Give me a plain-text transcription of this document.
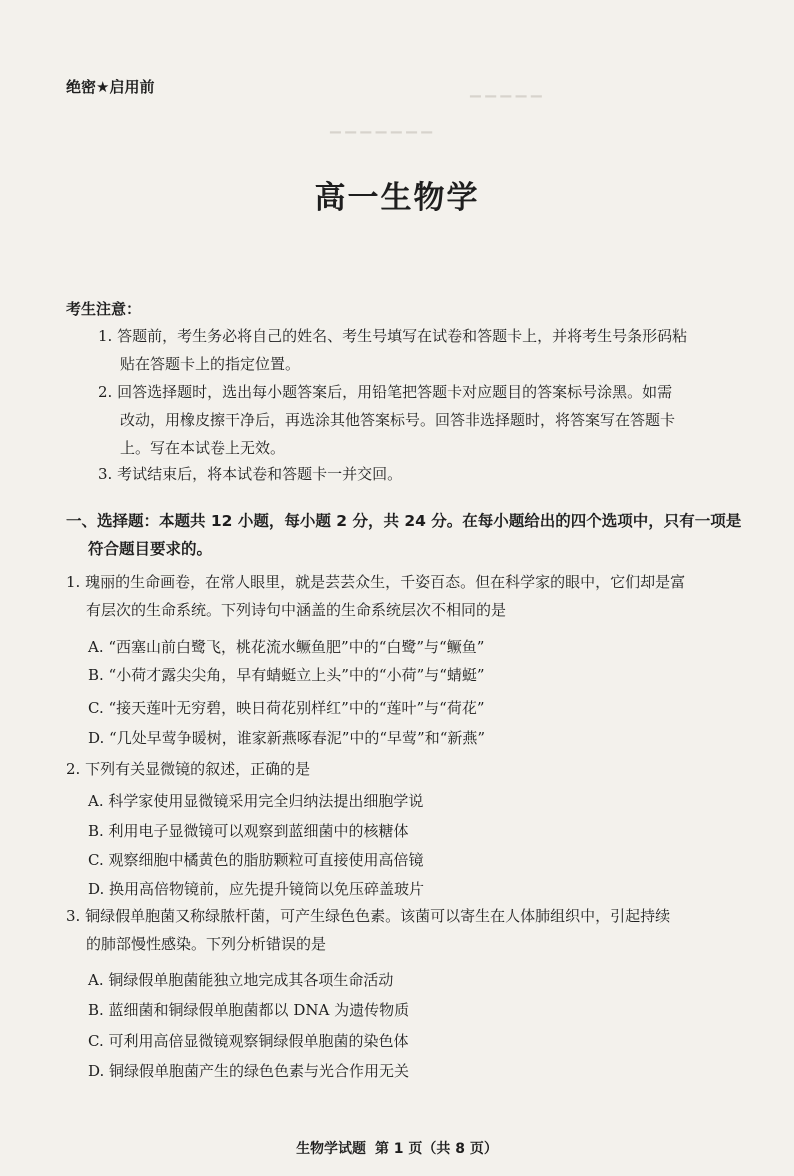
▁ ▁ ▁ ▁ ▁
▁ ▁ ▁ ▁ ▁ ▁ ▁
绝密★启用前
高一生物学
考生注意：
1. 答题前，考生务必将自己的姓名、考生号填写在试卷和答题卡上，并将考生号条形码粘
贴在答题卡上的指定位置。
2. 回答选择题时，选出每小题答案后，用铅笔把答题卡对应题目的答案标号涂黑。如需
改动，用橡皮擦干净后，再选涂其他答案标号。回答非选择题时，将答案写在答题卡
上。写在本试卷上无效。
3. 考试结束后，将本试卷和答题卡一并交回。
一、选择题：本题共 12 小题，每小题 2 分，共 24 分。在每小题给出的四个选项中，只有一项是
符合题目要求的。
1. 瑰丽的生命画卷，在常人眼里，就是芸芸众生，千姿百态。但在科学家的眼中，它们却是富
有层次的生命系统。下列诗句中涵盖的生命系统层次不相同的是
A. “西塞山前白鹭飞，桃花流水鳜鱼肥”中的“白鹭”与“鳜鱼”
B. “小荷才露尖尖角，早有蜻蜓立上头”中的“小荷”与“蜻蜓”
C. “接天莲叶无穷碧，映日荷花别样红”中的“莲叶”与“荷花”
D. “几处早莺争暖树，谁家新燕啄春泥”中的“早莺”和“新燕”
2. 下列有关显微镜的叙述，正确的是
A. 科学家使用显微镜采用完全归纳法提出细胞学说
B. 利用电子显微镜可以观察到蓝细菌中的核糖体
C. 观察细胞中橘黄色的脂肪颗粒可直接使用高倍镜
D. 换用高倍物镜前，应先提升镜筒以免压碎盖玻片
3. 铜绿假单胞菌又称绿脓杆菌，可产生绿色色素。该菌可以寄生在人体肺组织中，引起持续
的肺部慢性感染。下列分析错误的是
A. 铜绿假单胞菌能独立地完成其各项生命活动
B. 蓝细菌和铜绿假单胞菌都以 DNA 为遗传物质
C. 可利用高倍显微镜观察铜绿假单胞菌的染色体
D. 铜绿假单胞菌产生的绿色色素与光合作用无关
生物学试题 第 1 页（共 8 页）
